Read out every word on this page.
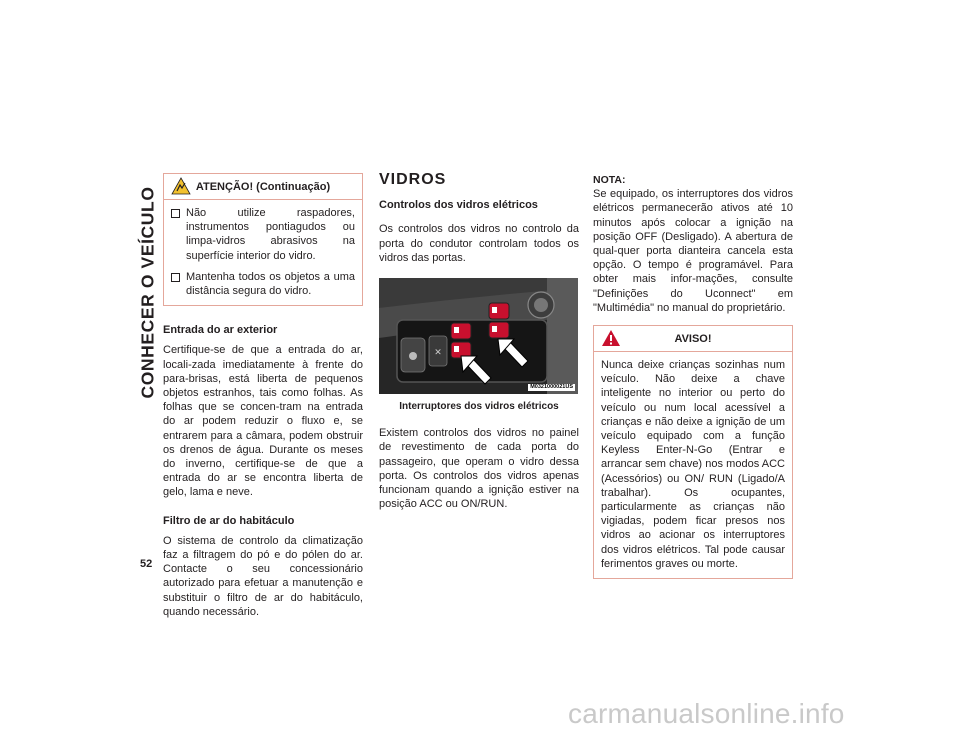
CONHECER O VEÍCULO
52
ATENÇÃO! (Continuação)

Não utilize raspadores, instrumentos pontiagudos ou limpa-vidros abrasivos na superfície interior do vidro.

Mantenha todos os objetos a uma distância segura do vidro.

Entrada do ar exterior

Certifique-se de que a entrada do ar, locali-zada imediatamente à frente do para-brisas, está liberta de pequenos objetos estranhos, tais como folhas. As folhas que se concen-tram na entrada do ar podem reduzir o fluxo e, se entrarem para a câmara, podem obstruir os drenos de água. Durante os meses do inverno, certifique-se de que a entrada do ar se encontra liberta de gelo, lama e neve.

Filtro de ar do habitáculo

O sistema de controlo da climatização faz a filtragem do pó e do pólen do ar. Contacte o seu concessionário autorizado para efetuar a manutenção e substituir o filtro de ar do habitáculo, quando necessário.

VIDROS
Controlos dos vidros elétricos

Os controlos dos vidros no controlo da porta do condutor controlam todos os vidros das portas.

✕
M0321000021US
Interruptores dos vidros elétricos

Existem controlos dos vidros no painel de revestimento de cada porta do passageiro, que operam o vidro dessa porta. Os controlos dos vidros apenas funcionam quando a ignição estiver na posição ACC ou ON/RUN.

NOTA:

Se equipado, os interruptores dos vidros elétricos permanecerão ativos até 10 minutos após colocar a ignição na posição OFF (Desligado). A abertura de qual-quer porta dianteira cancela esta opção. O tempo é programável. Para obter mais infor-mações, consulte "Definições do Uconnect" em "Multimédia" no manual do proprietário.

AVISO!

Nunca deixe crianças sozinhas num veículo. Não deixe a chave inteligente no interior ou perto do veículo ou num local acessível a crianças e não deixe a ignição de um veículo equipado com a função Keyless Enter-N-Go (Entrar e arrancar sem chave) nos modos ACC (Acessórios) ou ON/ RUN (Ligado/A trabalhar). Os ocupantes, particularmente as crianças não vigiadas, podem ficar presos nos vidros ao acionar os interruptores dos vidros elétricos. Tal pode causar ferimentos graves ou morte.

carmanualsonline.info
